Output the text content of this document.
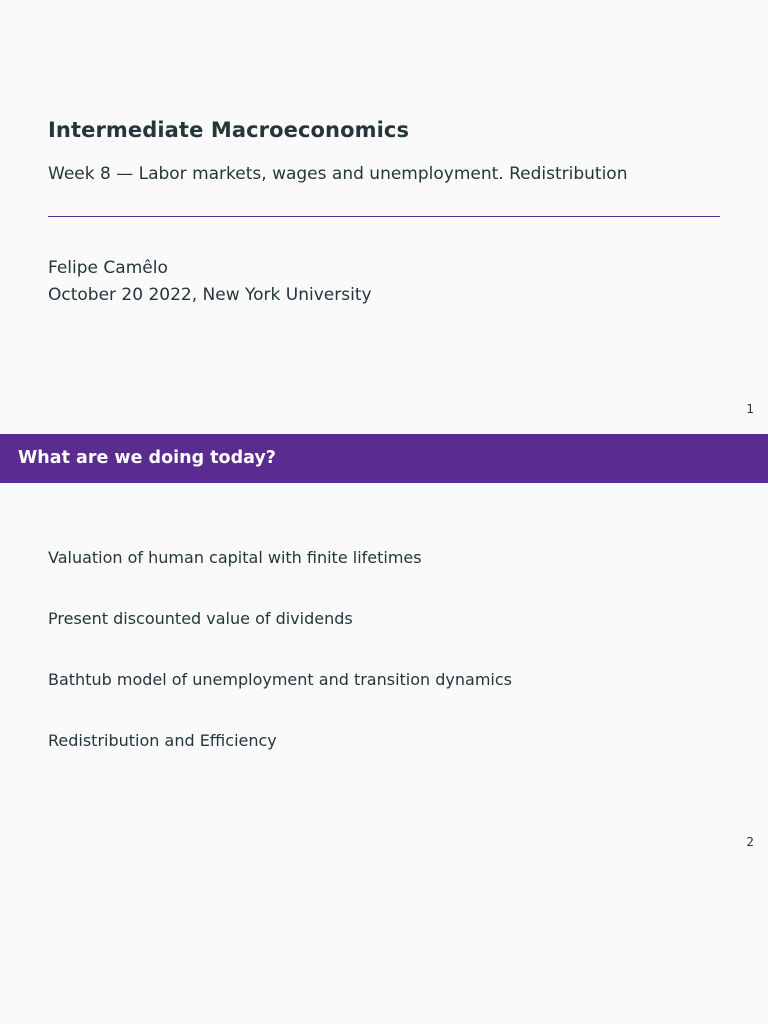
Intermediate Macroeconomics
Week 8 — Labor markets, wages and unemployment. Redistribution
Felipe Camêlo
October 20 2022, New York University
1
What are we doing today?
Valuation of human capital with finite lifetimes
Present discounted value of dividends
Bathtub model of unemployment and transition dynamics
Redistribution and Efficiency
2
